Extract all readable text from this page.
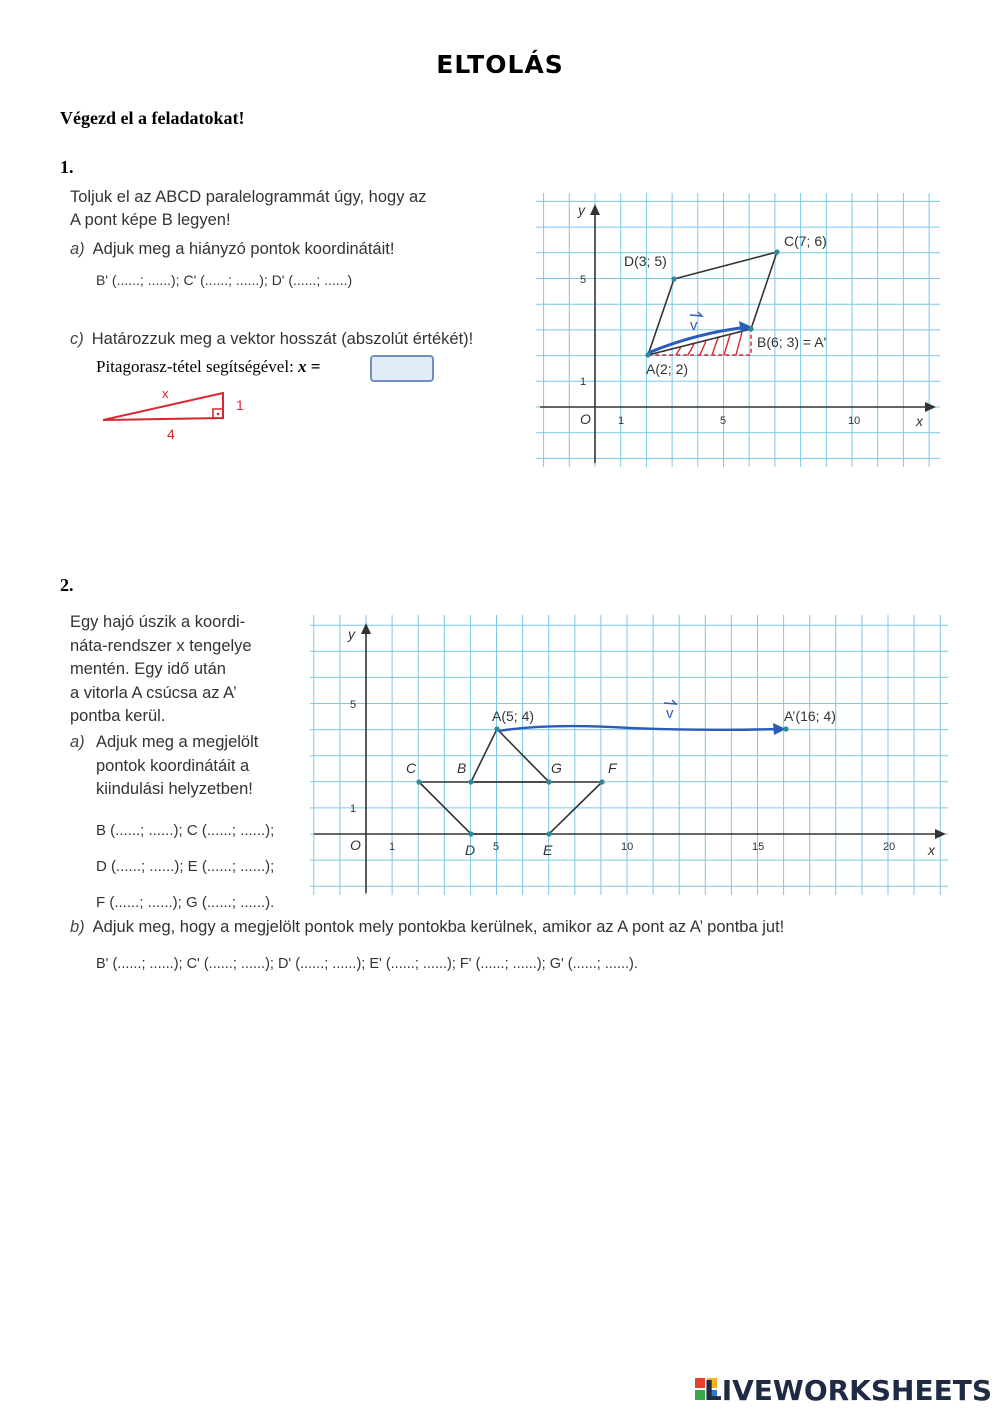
ELTOLÁS
Végezd el a feladatokat!
1.
Toljuk el az ABCD paralelogrammát úgy, hogy az
A pont képe B legyen!
a) Adjuk meg a hiányzó pontok koordinátáit!
B' (......; ......); C' (......; ......); D' (......; ......)
c) Határozzuk meg a vektor hosszát (abszolút értékét)!
Pitagorasz-tétel segítségével: x =
x
1
4
x
y
O 1	5	10
1
5
v
A(2; 2)
B(6; 3) = A'
C(7; 6)
D(3; 5)
2.
Egy hajó úszik a koordi-
náta-rendszer x tengelye
mentén. Egy idő után
a vitorla A csúcsa az A’
pontba kerül.
a) Adjuk meg a megjelölt
pontok koordinátáit a
kiindulási helyzetben!
B (......; ......); C (......; ......);
D (......; ......); E (......; ......);
F (......; ......); G (......; ......).
b) Adjuk meg, hogy a megjelölt pontok mely pontokba kerülnek, amikor az A pont az A’ pontba jut!
B' (......; ......); C' (......; ......); D' (......; ......); E' (......; ......); F' (......; ......); G' (......; ......).
x
y
O	1	5	10	15	20
1
5	v
A(5; 4)	A’(16; 4)
B
C
D	E
F
G
LIVEWORKSHEETS
